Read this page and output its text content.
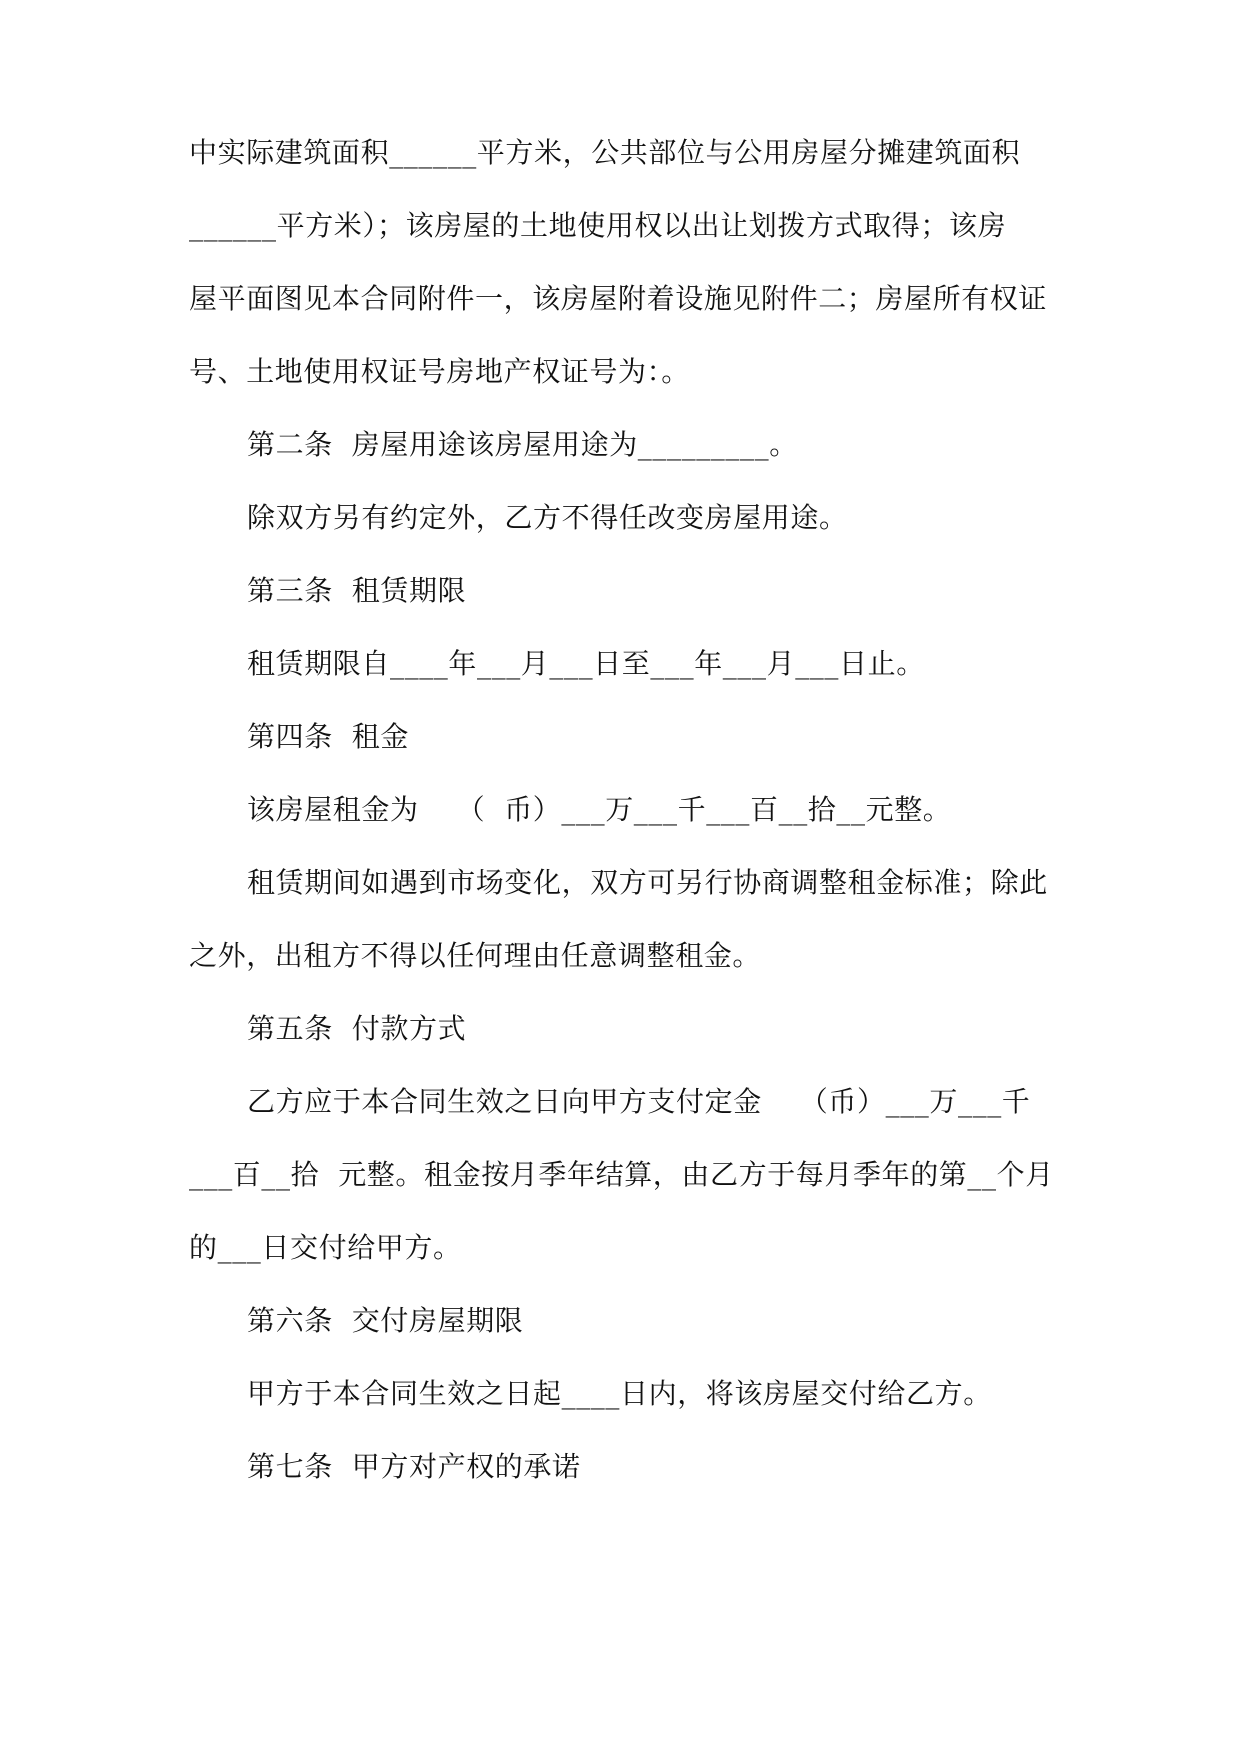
中实际建筑面积______平方米，公共部位与公用房屋分摊建筑面积
______平方米）；该房屋的土地使用权以出让划拨方式取得；该房
屋平面图见本合同附件一，该房屋附着设施见附件二；房屋所有权证
号、土地使用权证号房地产权证号为：。
第二条  房屋用途该房屋用途为_________。
除双方另有约定外，乙方不得任改变房屋用途。
第三条  租赁期限
租赁期限自____年___月___日至___年___月___日止。
第四条  租金
该房屋租金为    （  币）___万___千___百__拾__元整。
租赁期间如遇到市场变化，双方可另行协商调整租金标准；除此
之外，出租方不得以任何理由任意调整租金。
第五条  付款方式
乙方应于本合同生效之日向甲方支付定金    （币）___万___千
___百__拾  元整。租金按月季年结算，由乙方于每月季年的第__个月
的___日交付给甲方。
第六条  交付房屋期限
甲方于本合同生效之日起____日内，将该房屋交付给乙方。
第七条  甲方对产权的承诺
